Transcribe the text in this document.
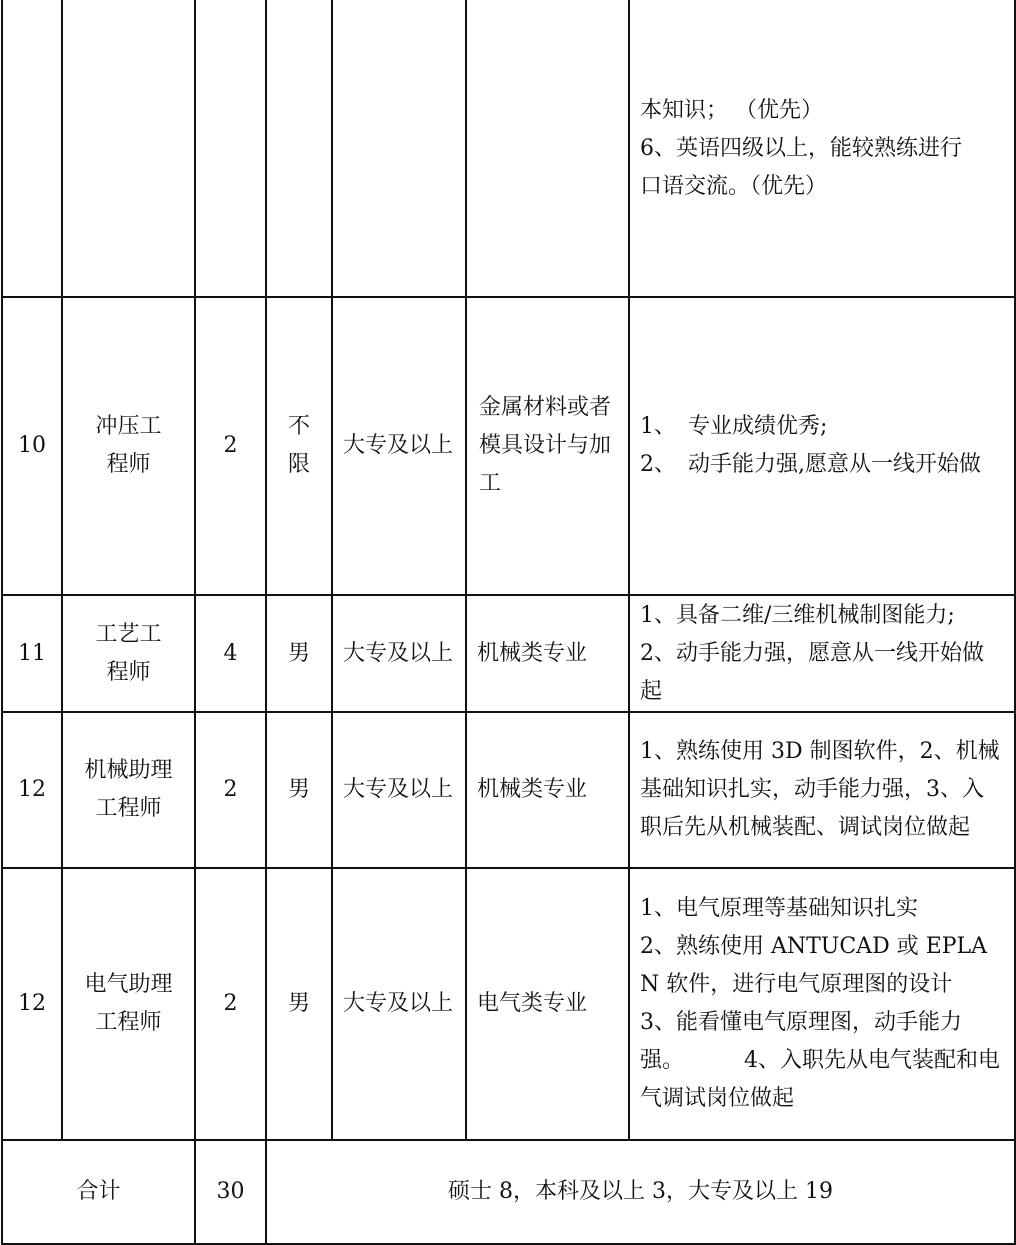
						本知识； （优先）
6、英语四级以上，能较熟练进行
口语交流。（优先）

10	冲压工程师	2	不限	大专及以上	金属材料或者模具设计与加工	1、 专业成绩优秀;
2、 动手能力强,愿意从一线开始做

11	工艺工程师	4	男	大专及以上	机械类专业	1、具备二维/三维机械制图能力;
2、动手能力强，愿意从一线开始做起

12	机械助理工程师	2	男	大专及以上	机械类专业	1、熟练使用 3D 制图软件，2、机械基础知识扎实，动手能力强，3、入职后先从机械装配、调试岗位做起

12	电气助理工程师	2	男	大专及以上	电气类专业	1、电气原理等基础知识扎实
2、熟练使用 ANTUCAD 或 EPLAN 软件，进行电气原理图的设计
3、能看懂电气原理图，动手能力强。 4、入职先从电气装配和电气调试岗位做起
合计		30	硕士 8，本科及以上 3，大专及以上 19			
